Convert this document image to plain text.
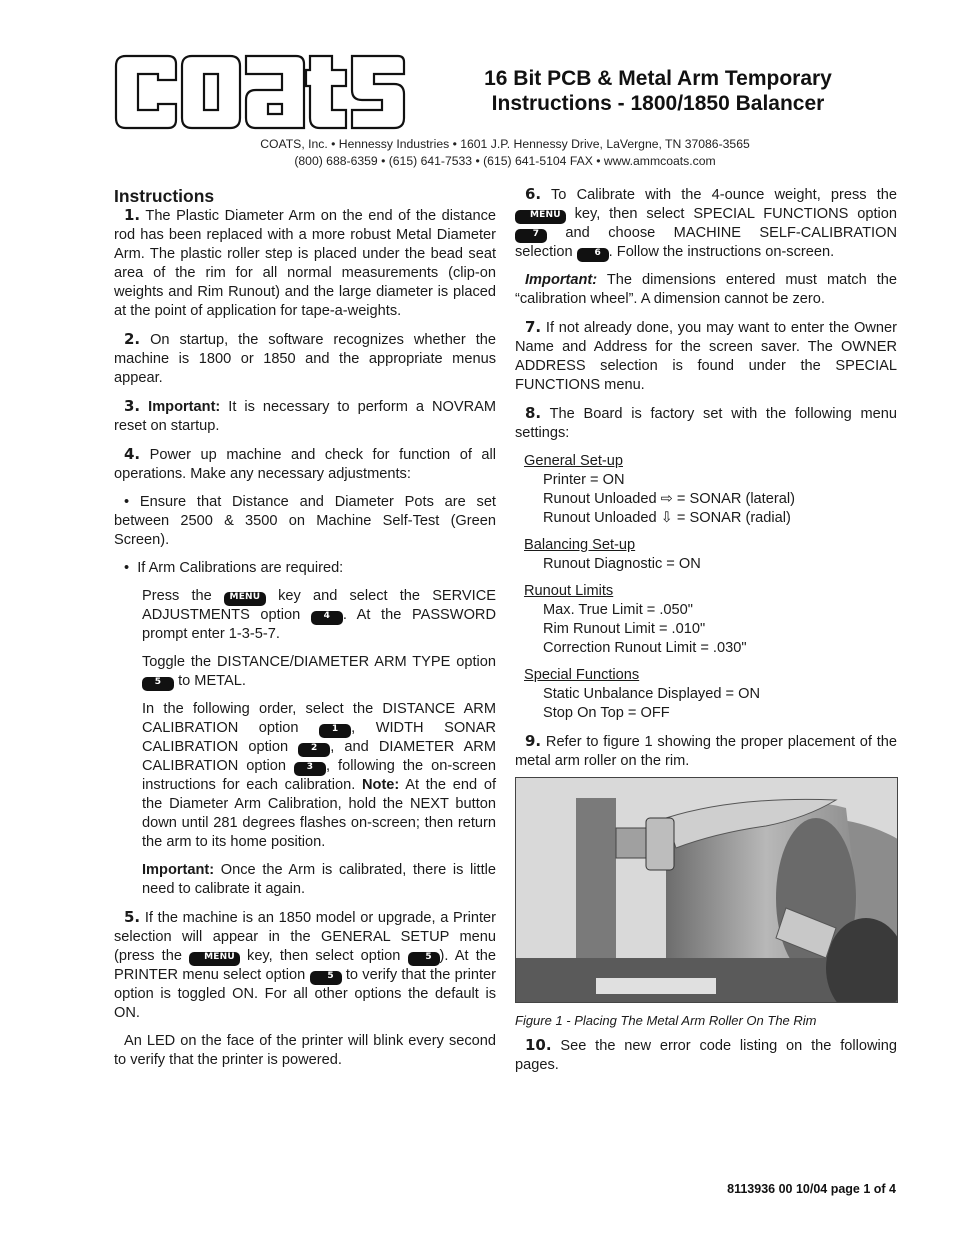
16 Bit PCB & Metal Arm Temporary
Instructions - 1800/1850 Balancer
COATS, Inc. • Hennessy Industries • 1601 J.P. Hennessy Drive, LaVergne, TN 37086-3565
(800) 688-6359 • (615) 641-7533 • (615) 641-5104 FAX • www.ammcoats.com
Instructions

1. The Plastic Diameter Arm on the end of the distance rod has been replaced with a more robust Metal Diameter Arm. The plastic roller step is placed under the bead seat area of the rim for all normal measurements (clip-on weights and Rim Runout) and the large diameter is placed at the point of application for tape-a-weights.

2. On startup, the software recognizes whether the machine is 1800 or 1850 and the appropriate menus appear.

3. Important: It is necessary to perform a NOVRAM reset on startup.

4. Power up machine and check for function of all operations. Make any necessary adjustments:

• Ensure that Distance and Diameter Pots are set between 2500 & 3500 on Machine Self-Test (Green Screen).

• If Arm Calibrations are required:

Press the MENU key and select the SERVICE ADJUSTMENTS option	4 . At the PASSWORD prompt enter 1-3-5-7.

Toggle the DISTANCE/DIAMETER ARM TYPE option 5 to METAL.

In the following order, select the DISTANCE ARM CALIBRATION option	1 , WIDTH SONAR CALIBRATION option	2 , and DIAMETER ARM CALIBRATION option 3 , following the on-screen instructions for each calibration. Note: At the end of the Diameter Arm Calibration, hold the NEXT button down until 281 degrees flashes on-screen; then return the arm to its home position.

Important: Once the Arm is calibrated, there is little need to calibrate it again.

5. If the machine is an 1850 model or upgrade, a Printer selection will appear in the GENERAL SETUP menu (press the MENU key, then select option	5 ). At the PRINTER menu select option 5 to verify that the printer option is toggled ON. For all other options the default is ON.

An LED on the face of the printer will blink every second to verify that the printer is powered.

6. To Calibrate with the 4-ounce weight, press the MENU key, then select SPECIAL FUNCTIONS option 7 and choose MACHINE SELF-CALIBRATION selection 6 . Follow the instructions on-screen.

Important: The dimensions entered must match the “calibration wheel”. A dimension cannot be zero.

7. If not already done, you may want to enter the Owner Name and Address for the screen saver. The OWNER ADDRESS selection is found under the SPECIAL FUNCTIONS menu.

8. The Board is factory set with the following menu settings:

General Set-up
Printer = ON
Runout Unloaded ⇨ = SONAR (lateral)
Runout Unloaded ⇩ = SONAR (radial)
Balancing Set-up
Runout Diagnostic = ON
Runout Limits
Max. True Limit = .050"
Rim Runout Limit = .010"
Correction Runout Limit = .030"
Special Functions
Static Unbalance Displayed = ON
Stop On Top = OFF

9. Refer to figure 1 showing the proper placement of the metal arm roller on the rim.

Figure 1 - Placing The Metal Arm Roller On The Rim

10. See the new error code listing on the following pages.

8113936 00 10/04 page 1 of 4
